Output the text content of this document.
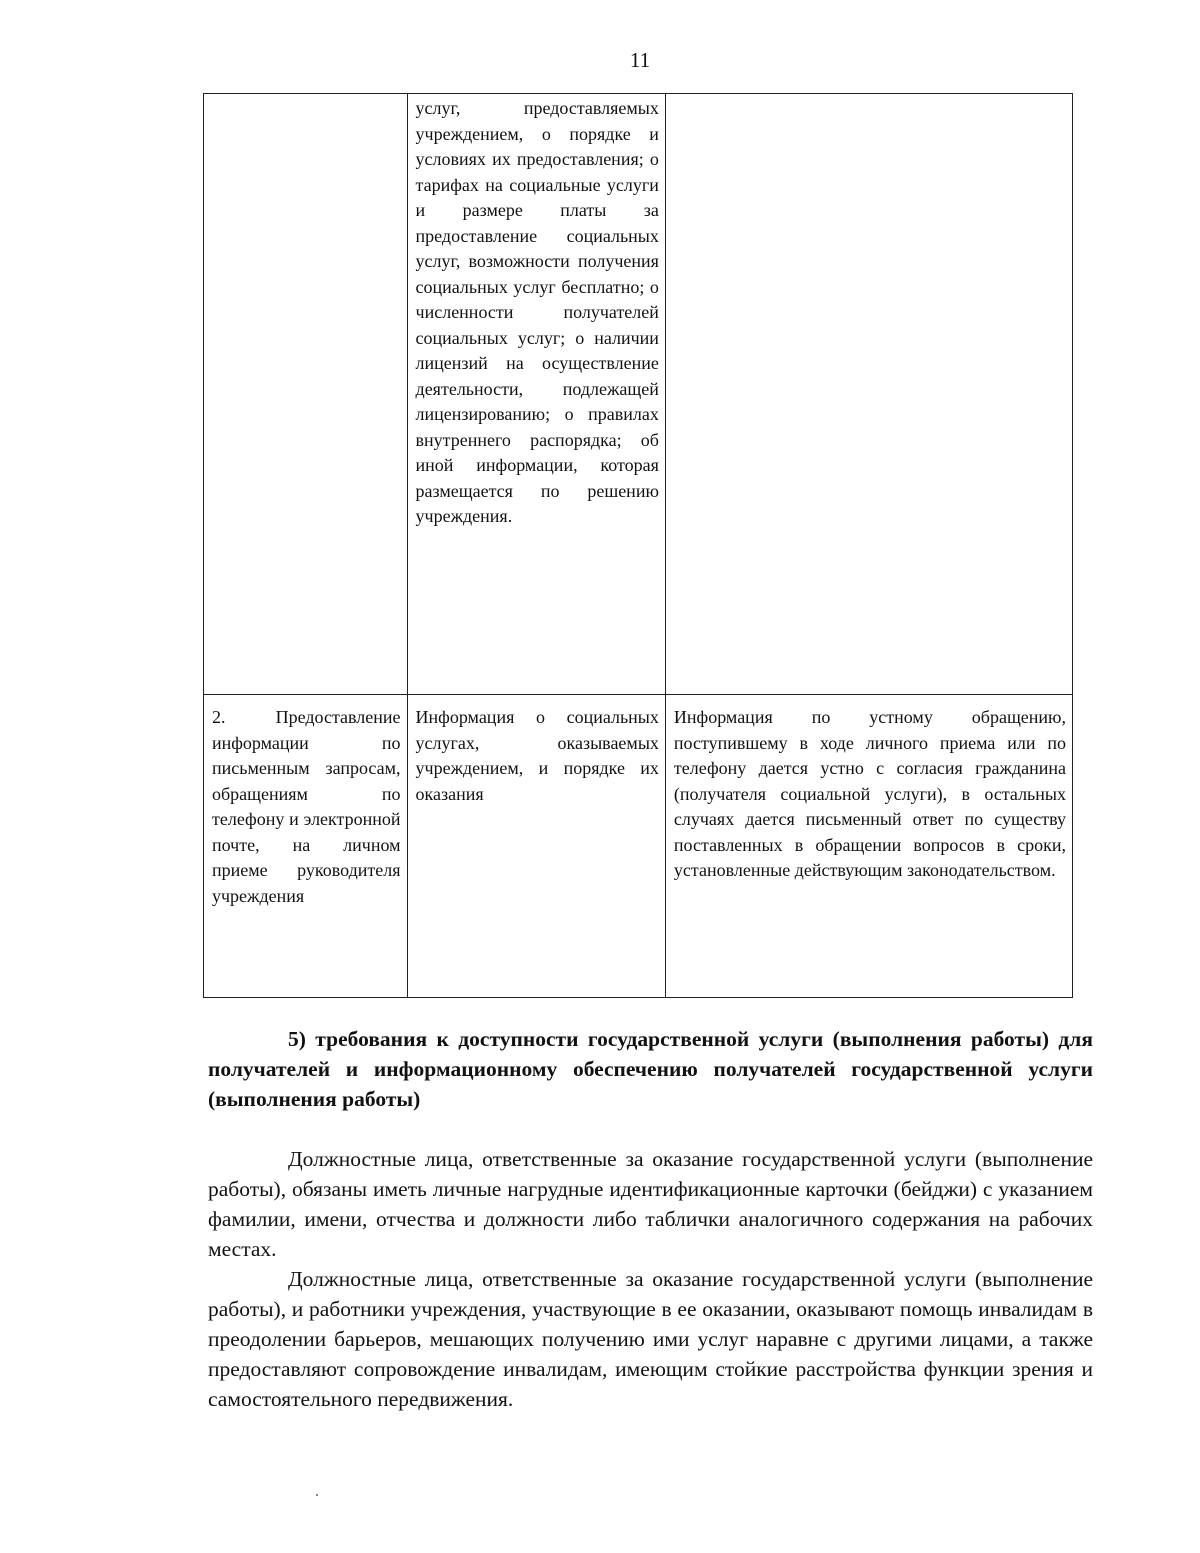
11
	услуг, предоставляемых учреждением, о порядке и условиях их предоставления; о тарифах на социальные услуги и размере платы за предоставление социальных услуг, возможности получения социальных услуг бесплатно; о численности получателей социальных услуг; о наличии лицензий на осуществление деятельности, подлежащей лицензированию; о правилах внутреннего распорядка; об иной информации, которая размещается по решению учреждения.	
2. Предоставление информации по письменным запросам, обращениям по телефону и электронной почте, на личном приеме руководителя учреждения	Информация о социальных услугах, оказываемых учреждением, и порядке их оказания	Информация по устному обращению, поступившему в ходе личного приема или по телефону дается устно с согласия гражданина (получателя социальной услуги), в остальных случаях дается письменный ответ по существу поставленных в обращении вопросов в сроки, установленные действующим законодательством.
5) требования к доступности государственной услуги (выполнения работы) для получателей и информационному обеспечению получателей государственной услуги (выполнения работы)

Должностные лица, ответственные за оказание государственной услуги (выполнение работы), обязаны иметь личные нагрудные идентификационные карточки (бейджи) с указанием фамилии, имени, отчества и должности либо таблички аналогичного содержания на рабочих местах.

Должностные лица, ответственные за оказание государственной услуги (выполнение работы), и работники учреждения, участвующие в ее оказании, оказывают помощь инвалидам в преодолении барьеров, мешающих получению ими услуг наравне с другими лицами, а также предоставляют сопровождение инвалидам, имеющим стойкие расстройства функции зрения и самостоятельного передвижения.
